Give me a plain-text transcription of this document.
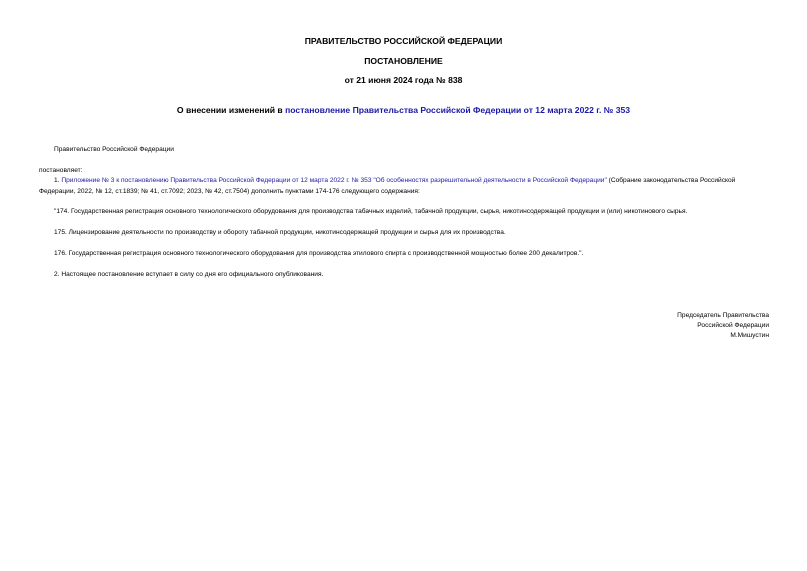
ПРАВИТЕЛЬСТВО РОССИЙСКОЙ ФЕДЕРАЦИИ
ПОСТАНОВЛЕНИЕ
от 21 июня 2024 года № 838
О внесении изменений в постановление Правительства Российской Федерации от 12 марта 2022 г. № 353
Правительство Российской Федерации
постановляет:
1. Приложение № 3 к постановлению Правительства Российской Федерации от 12 марта 2022 г. № 353 "Об особенностях разрешительной деятельности в Российской Федерации" (Собрание законодательства Российской Федерации, 2022, № 12, ст.1839; № 41, ст.7092; 2023, № 42, ст.7504) дополнить пунктами 174-176 следующего содержания:
"174. Государственная регистрация основного технологического оборудования для производства табачных изделий, табачной продукции, сырья, никотинсодержащей продукции и (или) никотинового сырья.
175. Лицензирование деятельности по производству и обороту табачной продукции, никотинсодержащей продукции и сырья для их производства.
176. Государственная регистрация основного технологического оборудования для производства этилового спирта с производственной мощностью более 200 декалитров.".
2. Настоящее постановление вступает в силу со дня его официального опубликования.
Председатель Правительства
Российской Федерации
М.Мишустин
